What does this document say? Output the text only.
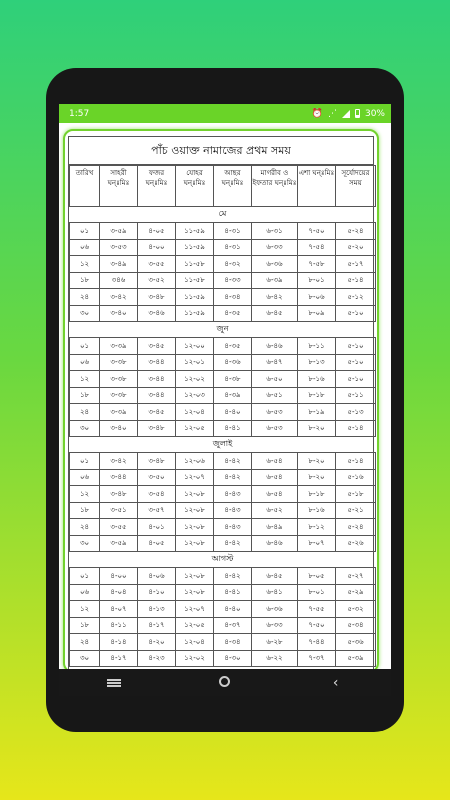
1:57	⏰ ⋰	30%
পাঁচ ওয়াক্ত নামাজের প্রথম সময়
তারিখ	সাহরী ঘন্ঃমিঃ	ফজর ঘন্ঃমিঃ	যোহর ঘন্ঃমিঃ	আছর ঘন্ঃমিঃ	মাগরীব ও ইফতার ঘন্ঃমিঃ	এশা ঘন্ঃমিঃ	সূর্যোদয়ের সময়
মে							
০১	৩-৫৯	৪-০৫	১১-৫৯	৪-৩১	৬-৩১	৭-৫০	৫-২৪
০৬	৩-৫৩	৪-০০	১১-৫৯	৪-৩১	৬-৩৩	৭-৫৪	৫-২০
১২	৩-৪৯	৩-৫৫	১১-৫৮	৪-৩২	৬-৩৬	৭-৫৮	৫-১৭
১৮	৩৪৬	৩-৫২	১১-৫৮	৪-৩৩	৬-৩৯	৮-০১	৫-১৪
২৪	৩-৪২	৩-৪৮	১১-৫৯	৪-৩৪	৬-৪২	৮-০৬	৫-১২
৩০	৩-৪০	৩-৪৬	১১-৫৯	৪-৩৫	৬-৪৫	৮-০৯	৫-১০
জুন							
০১	৩-৩৯	৩-৪৫	১২-০০	৪-৩৫	৬-৪৬	৮-১১	৫-১০
০৬	৩-৩৮	৩-৪৪	১২-০১	৪-৩৬	৬-৪৭	৮-১৩	৫-১০
১২	৩-৩৮	৩-৪৪	১২-০২	৪-৩৮	৬-৫০	৮-১৬	৫-১০
১৮	৩-৩৮	৩-৪৪	১২-০৩	৪-৩৯	৬-৫১	৮-১৮	৫-১১
২৪	৩-৩৯	৩-৪৫	১২-০৪	৪-৪০	৬-৫৩	৮-১৯	৫-১৩
৩০	৩-৪০	৩-৪৮	১২-০৫	৪-৪১	৬-৫৩	৮-২০	৫-১৪
জুলাই							
০১	৩-৪২	৩-৪৮	১২-০৬	৪-৪২	৬-৫৪	৮-২০	৫-১৪
০৬	৩-৪৪	৩-৫০	১২-০৭	৪-৪২	৬-৫৪	৮-২০	৫-১৬
১২	৩-৪৮	৩-৫৪	১২-০৮	৪-৪৩	৬-৫৪	৮-১৮	৫-১৮
১৮	৩-৫১	৩-৫৭	১২-০৮	৪-৪৩	৬-৫২	৮-১৬	৫-২১
২৪	৩-৫৫	৪-০১	১২-০৮	৪-৪৩	৬-৪৯	৮-১২	৫-২৪
৩০	৩-৫৯	৪-০৫	১২-০৮	৪-৪২	৬-৪৬	৮-০৭	৫-২৬
আগস্ট							
০১	৪-০০	৪-০৬	১২-০৮	৪-৪২	৬-৪৫	৮-০৫	৫-২৭
০৬	৪-০৪	৪-১০	১২-০৮	৪-৪১	৬-৪১	৮-০১	৫-২৯
১২	৪-০৭	৪-১৩	১২-০৭	৪-৪০	৬-৩৬	৭-৫৫	৫-৩২
১৮	৪-১১	৪-১৭	১২-০৫	৪-৩৭	৬-৩৩	৭-৫০	৫-৩৪
২৪	৪-১৪	৪-২০	১২-০৪	৪-৩৪	৬-২৮	৭-৪৪	৫-৩৬
৩০	৪-১৭	৪-২৩	১২-০২	৪-৩০	৬-২২	৭-৩৭	৫-৩৯
‹
